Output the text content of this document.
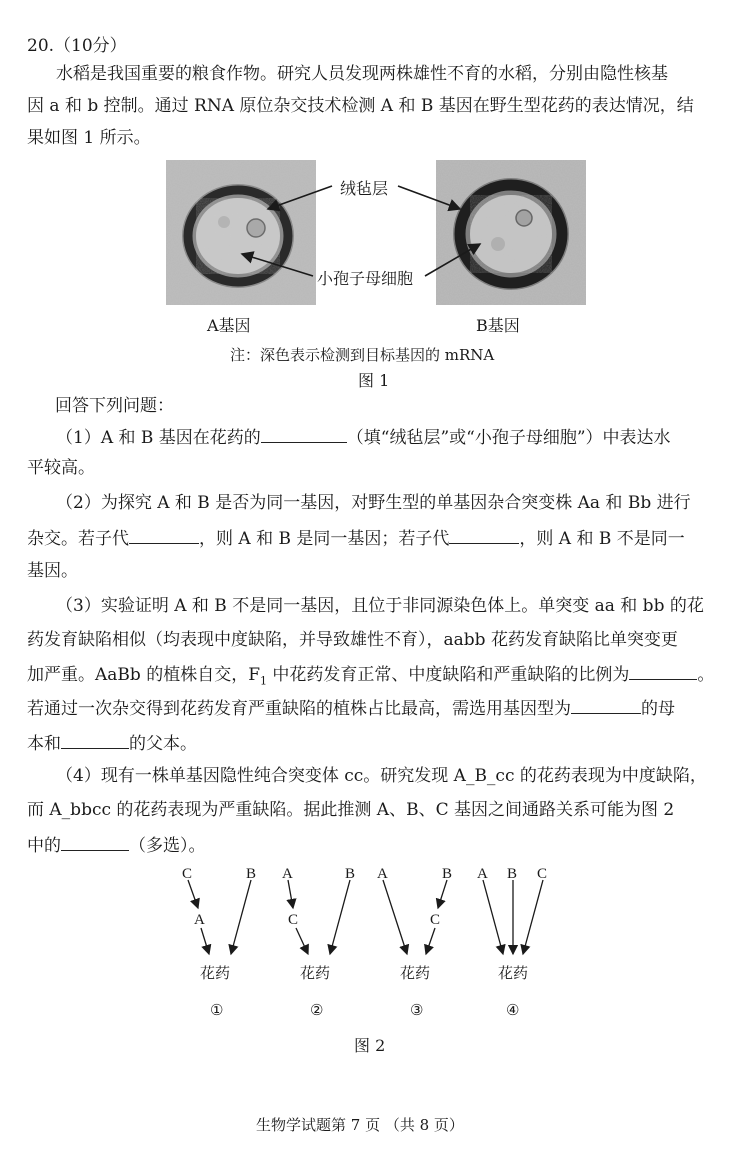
20.（10分）
水稻是我国重要的粮食作物。研究人员发现两株雄性不育的水稻，分别由隐性核基
因 a 和 b 控制。通过 RNA 原位杂交技术检测 A 和 B 基因在野生型花药的表达情况，结
果如图 1 所示。
绒毡层
小孢子母细胞
A基因	B基因
注：深色表示检测到目标基因的 mRNA
图 1
回答下列问题：
（1）A 和 B 基因在花药的	（填“绒毡层”或“小孢子母细胞”）中表达水
平较高。
（2）为探究 A 和 B 是否为同一基因，对野生型的单基因杂合突变株 Aa 和 Bb 进行
杂交。若子代	，则 A 和 B 是同一基因；若子代	，则 A 和 B 不是同一
基因。
（3）实验证明 A 和 B 不是同一基因，且位于非同源染色体上。单突变 aa 和 bb 的花
药发育缺陷相似（均表现中度缺陷，并导致雄性不育），aabb 花药发育缺陷比单突变更
加严重。AaBb 的植株自交，$F_1$ 中花药发育正常、中度缺陷和严重缺陷的比例为	。
若通过一次杂交得到花药发育严重缺陷的植株占比最高，需选用基因型为	的母
本和	的父本。
（4）现有一株单基因隐性纯合突变体 cc。研究发现 A_B_cc 的花药表现为中度缺陷，
而 A_bbcc 的花药表现为严重缺陷。据此推测 A、B、C 基因之间通路关系可能为图 2
中的	（多选）。
C	B
A
花药
①
A	B
C
花药
②
A	B
C
花药
③
A B C
花药
④
图 2
生物学试题第 7 页 （共 8 页）
